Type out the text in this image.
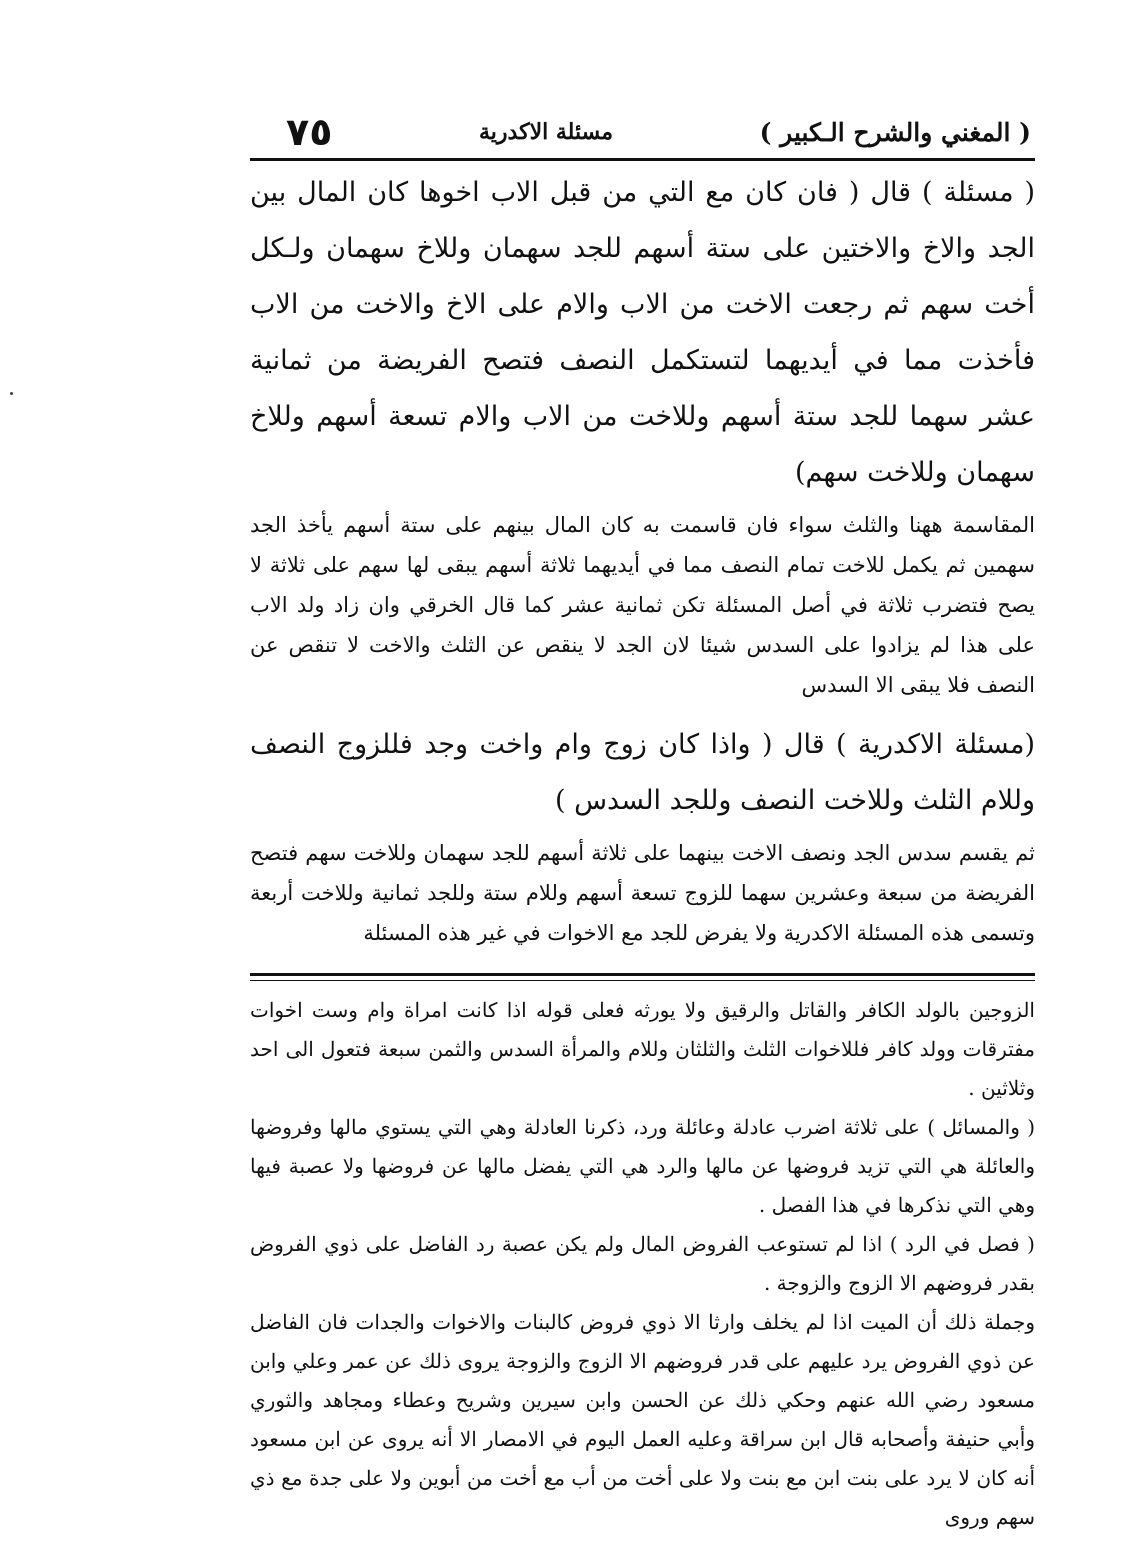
( المغني والشرح الـكبير )
مسئلة الاكدرية
٧٥

( مسئلة ) قال ( فان كان مع التي من قبل الاب اخوها كان المال بين الجد والاخ والاختين على ستة أسهم للجد سهمان وللاخ سهمان ولـكل أخت سهم ثم رجعت الاخت من الاب والام على الاخ والاخت من الاب فأخذت مما في أيديهما لتستكمل النصف فتصح الفريضة من ثمانية عشر سهما للجد ستة أسهم وللاخت من الاب والام تسعة أسهم وللاخ سهمان وللاخت سهم)

المقاسمة ههنا والثلث سواء فان قاسمت به كان المال بينهم على ستة أسهم يأخذ الجد سهمين ثم يكمل للاخت تمام النصف مما في أيديهما ثلاثة أسهم يبقى لها سهم على ثلاثة لا يصح فتضرب ثلاثة في أصل المسئلة تكن ثمانية عشر كما قال الخرقي وان زاد ولد الاب على هذا لم يزادوا على السدس شيئا لان الجد لا ينقص عن الثلث والاخت لا تنقص عن النصف فلا يبقى الا السدس

(مسئلة الاكدرية ) قال ( واذا كان زوج وام واخت وجد فللزوج النصف وللام الثلث وللاخت النصف وللجد السدس )

ثم يقسم سدس الجد ونصف الاخت بينهما على ثلاثة أسهم للجد سهمان وللاخت سهم فتصح الفريضة من سبعة وعشرين سهما للزوج تسعة أسهم وللام ستة وللجد ثمانية وللاخت أربعة وتسمى هذه المسئلة الاكدرية ولا يفرض للجد مع الاخوات في غير هذه المسئلة

الزوجين بالولد الكافر والقاتل والرقيق ولا يورثه فعلى قوله اذا كانت امراة وام وست اخوات مفترقات وولد كافر فللاخوات الثلث والثلثان وللام والمرأة السدس والثمن سبعة فتعول الى احد وثلاثين .

( والمسائل ) على ثلاثة اضرب عادلة وعائلة ورد، ذكرنا العادلة وهي التي يستوي مالها وفروضها والعائلة هي التي تزيد فروضها عن مالها والرد هي التي يفضل مالها عن فروضها ولا عصبة فيها وهي التي نذكرها في هذا الفصل .

( فصل في الرد ) اذا لم تستوعب الفروض المال ولم يكن عصبة رد الفاضل على ذوي الفروض بقدر فروضهم الا الزوج والزوجة .

وجملة ذلك أن الميت اذا لم يخلف وارثا الا ذوي فروض كالبنات والاخوات والجدات فان الفاضل عن ذوي الفروض يرد عليهم على قدر فروضهم الا الزوج والزوجة يروى ذلك عن عمر وعلي وابن مسعود رضي الله عنهم وحكي ذلك عن الحسن وابن سيرين وشريح وعطاء ومجاهد والثوري وأبي حنيفة وأصحابه قال ابن سراقة وعليه العمل اليوم في الامصار الا أنه يروى عن ابن مسعود أنه كان لا يرد على بنت ابن مع بنت ولا على أخت من أب مع أخت من أبوين ولا على جدة مع ذي سهم وروى
